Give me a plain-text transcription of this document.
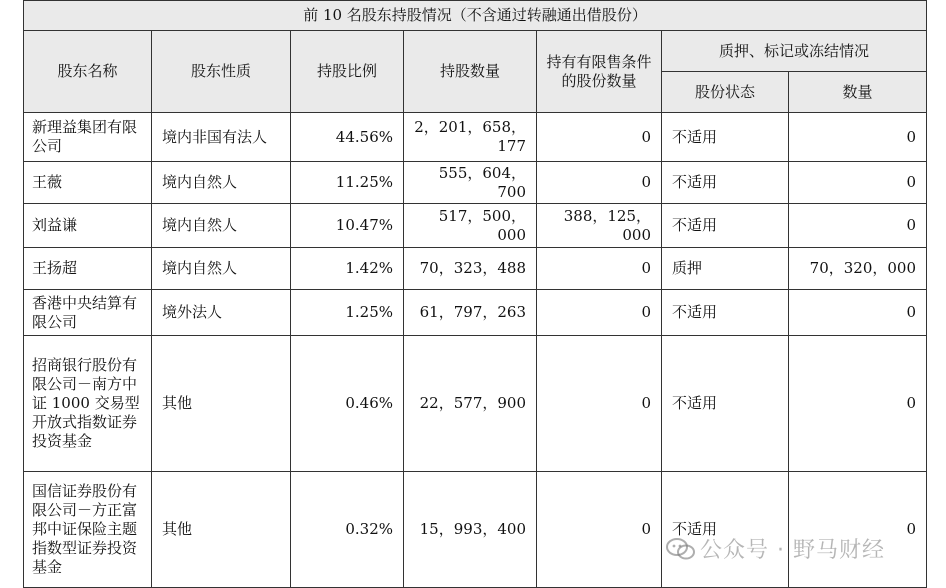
前 10 名股东持股情况（不含通过转融通出借股份）						
股东名称	股东性质	持股比例	持股数量	持有有限售条件的股份数量	质押、标记或冻结情况	
					股份状态	数量
新理益集团有限公司	境内非国有法人	44.56%	2，201，658，177	0	不适用	0
王薇	境内自然人	11.25%	555，604，700	0	不适用	0
刘益谦	境内自然人	10.47%	517，500，000	388，125，000	不适用	0
王扬超	境内自然人	1.42%	70，323，488	0	质押	70，320，000
香港中央结算有限公司	境外法人	1.25%	61，797，263	0	不适用	0
招商银行股份有限公司－南方中证 1000 交易型开放式指数证券投资基金	其他	0.46%	22，577，900	0	不适用	0
国信证券股份有限公司－方正富邦中证保险主题指数型证券投资基金	其他	0.32%	15，993，400	0	不适用	0
公众号 · 野马财经
